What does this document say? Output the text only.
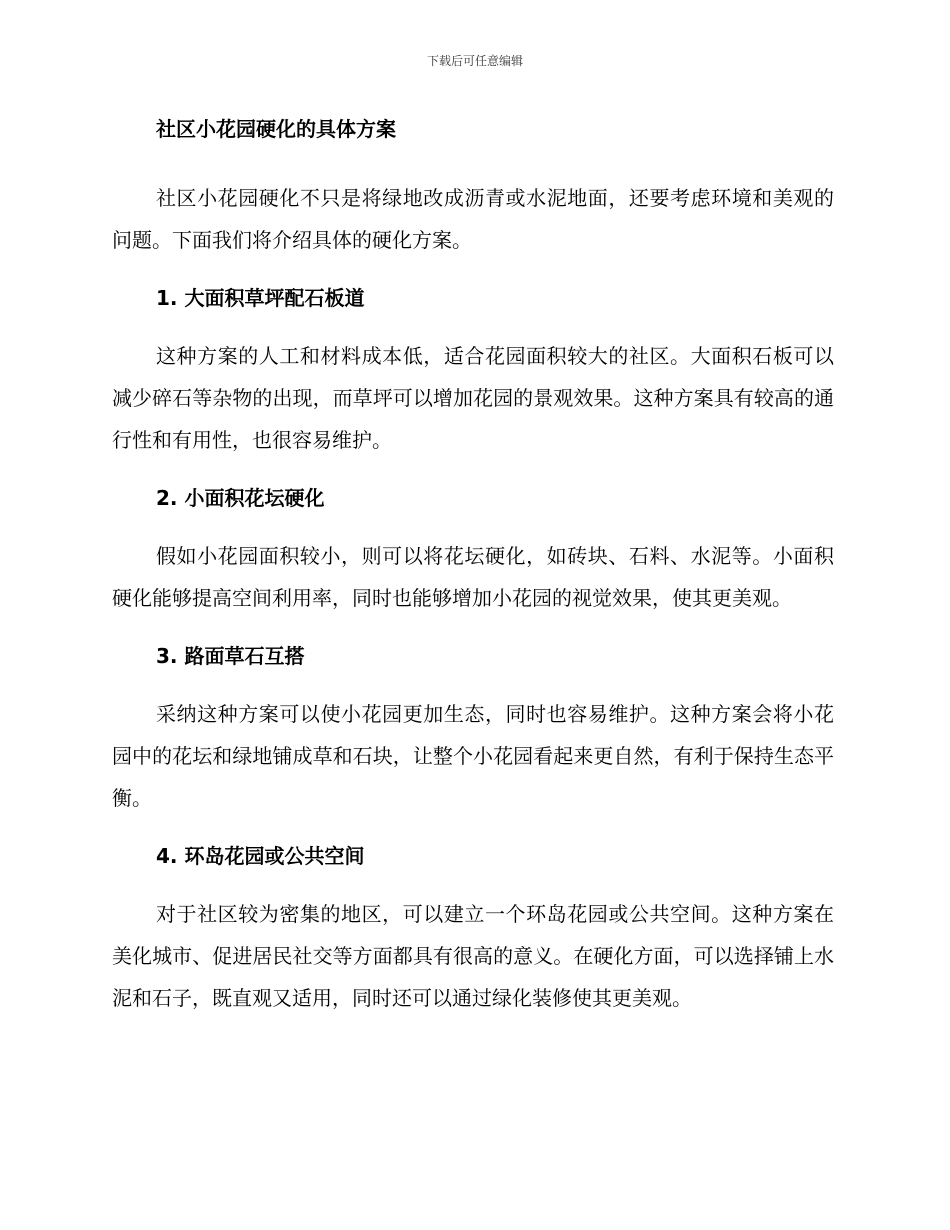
下载后可任意编辑
社区小花园硬化的具体方案

社区小花园硬化不只是将绿地改成沥青或水泥地面，还要考虑环境和美观的问题。下面我们将介绍具体的硬化方案。

1. 大面积草坪配石板道

这种方案的人工和材料成本低，适合花园面积较大的社区。大面积石板可以减少碎石等杂物的出现，而草坪可以增加花园的景观效果。这种方案具有较高的通行性和有用性，也很容易维护。

2. 小面积花坛硬化

假如小花园面积较小，则可以将花坛硬化，如砖块、石料、水泥等。小面积硬化能够提高空间利用率，同时也能够增加小花园的视觉效果，使其更美观。

3. 路面草石互搭

采纳这种方案可以使小花园更加生态，同时也容易维护。这种方案会将小花园中的花坛和绿地铺成草和石块，让整个小花园看起来更自然，有利于保持生态平衡。

4. 环岛花园或公共空间

对于社区较为密集的地区，可以建立一个环岛花园或公共空间。这种方案在美化城市、促进居民社交等方面都具有很高的意义。在硬化方面，可以选择铺上水泥和石子，既直观又适用，同时还可以通过绿化装修使其更美观。
